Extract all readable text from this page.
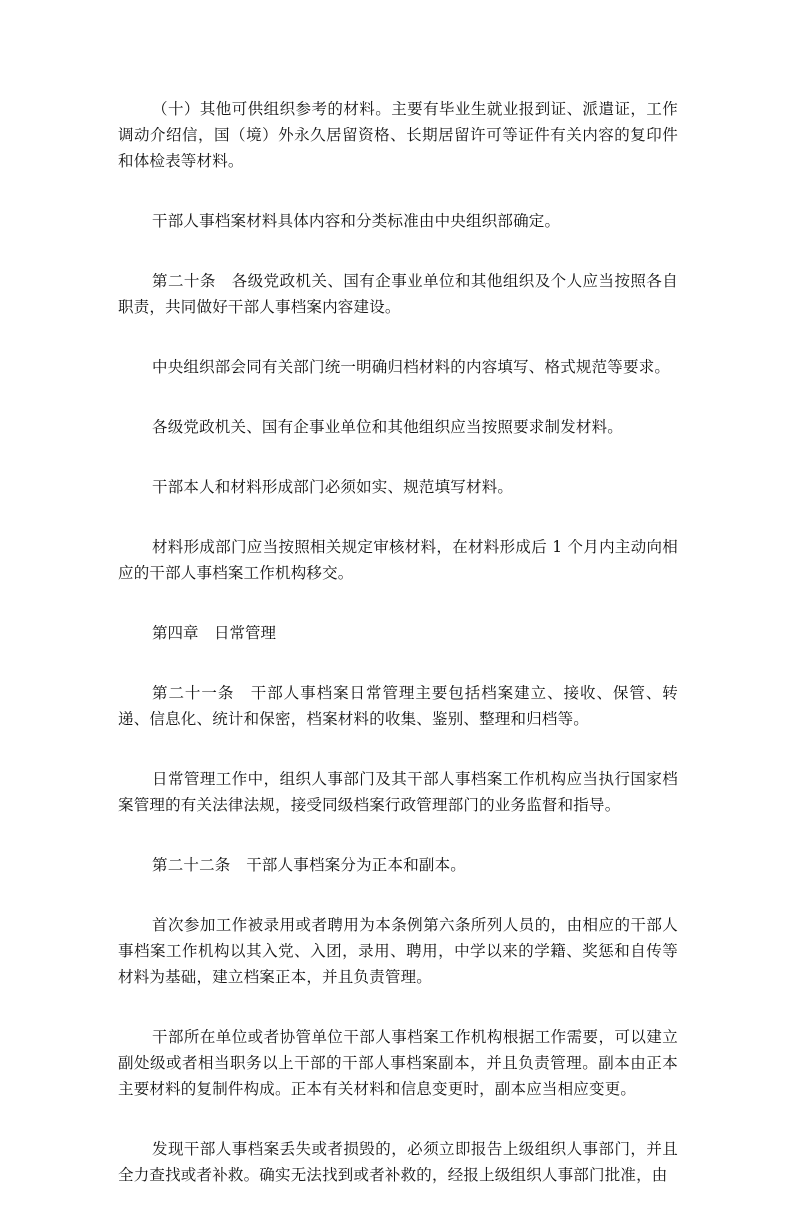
（十）其他可供组织参考的材料。主要有毕业生就业报到证、派遣证，工作调动介绍信，国（境）外永久居留资格、长期居留许可等证件有关内容的复印件和体检表等材料。

干部人事档案材料具体内容和分类标准由中央组织部确定。

第二十条　各级党政机关、国有企事业单位和其他组织及个人应当按照各自职责，共同做好干部人事档案内容建设。

中央组织部会同有关部门统一明确归档材料的内容填写、格式规范等要求。

各级党政机关、国有企事业单位和其他组织应当按照要求制发材料。

干部本人和材料形成部门必须如实、规范填写材料。

材料形成部门应当按照相关规定审核材料，在材料形成后 1 个月内主动向相应的干部人事档案工作机构移交。

第四章　日常管理

第二十一条　干部人事档案日常管理主要包括档案建立、接收、保管、转递、信息化、统计和保密，档案材料的收集、鉴别、整理和归档等。

日常管理工作中，组织人事部门及其干部人事档案工作机构应当执行国家档案管理的有关法律法规，接受同级档案行政管理部门的业务监督和指导。

第二十二条　干部人事档案分为正本和副本。

首次参加工作被录用或者聘用为本条例第六条所列人员的，由相应的干部人事档案工作机构以其入党、入团，录用、聘用，中学以来的学籍、奖惩和自传等材料为基础，建立档案正本，并且负责管理。

干部所在单位或者协管单位干部人事档案工作机构根据工作需要，可以建立副处级或者相当职务以上干部的干部人事档案副本，并且负责管理。副本由正本主要材料的复制件构成。正本有关材料和信息变更时，副本应当相应变更。

发现干部人事档案丢失或者损毁的，必须立即报告上级组织人事部门，并且全力查找或者补救。确实无法找到或者补救的，经报上级组织人事部门批准，由
